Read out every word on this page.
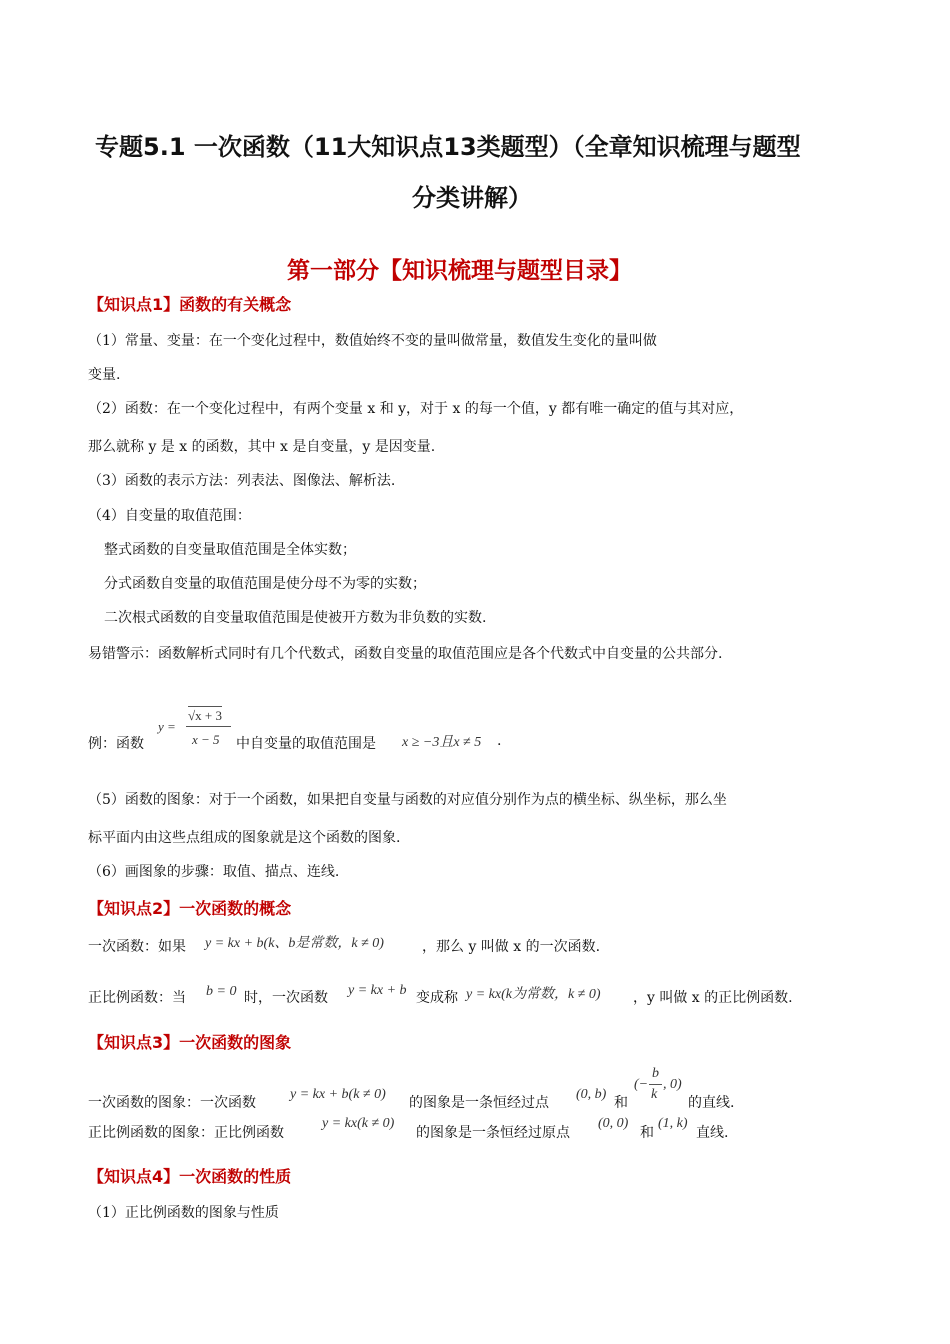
专题5.1 一次函数（11大知识点13类题型）（全章知识梳理与题型
分类讲解）
第一部分【知识梳理与题型目录】
【知识点1】函数的有关概念
（1）常量、变量：在一个变化过程中，数值始终不变的量叫做常量，数值发生变化的量叫做
变量.
（2）函数：在一个变化过程中，有两个变量 x 和 y，对于 x 的每一个值，y 都有唯一确定的值与其对应，
那么就称 y 是 x 的函数，其中 x 是自变量，y 是因变量.
（3）函数的表示方法：列表法、图像法、解析法.
（4）自变量的取值范围：
整式函数的自变量取值范围是全体实数；
分式函数自变量的取值范围是使分母不为零的实数；
二次根式函数的自变量取值范围是使被开方数为非负数的实数.
易错警示：函数解析式同时有几个代数式，函数自变量的取值范围应是各个代数式中自变量的公共部分.
例：函数
y =
√x + 3
x − 5 中自变量的取值范围是 x ≥ −3且x ≠ 5 .
（5）函数的图象：对于一个函数，如果把自变量与函数的对应值分别作为点的横坐标、纵坐标，那么坐
标平面内由这些点组成的图象就是这个函数的图象.
（6）画图象的步骤：取值、描点、连线.
【知识点2】一次函数的概念
一次函数：如果 y = kx + b(k、b是常数，k ≠ 0)	，那么 y 叫做 x 的一次函数.
正比例函数：当 b = 0 时，一次函数 y = kx + b 变成称 y = kx(k为常数，k ≠ 0) ，y 叫做 x 的正比例函数.
【知识点3】一次函数的图象
一次函数的图象：一次函数
y = kx + b(k ≠ 0)
的图象是一条恒经过点
(0, b)
和
(−
b
k
, 0)
的直线.
正比例函数的图象：正比例函数
y = kx(k ≠ 0)
的图象是一条恒经过原点
(0, 0)
和
(1, k)
直线.
【知识点4】一次函数的性质
（1）正比例函数的图象与性质
